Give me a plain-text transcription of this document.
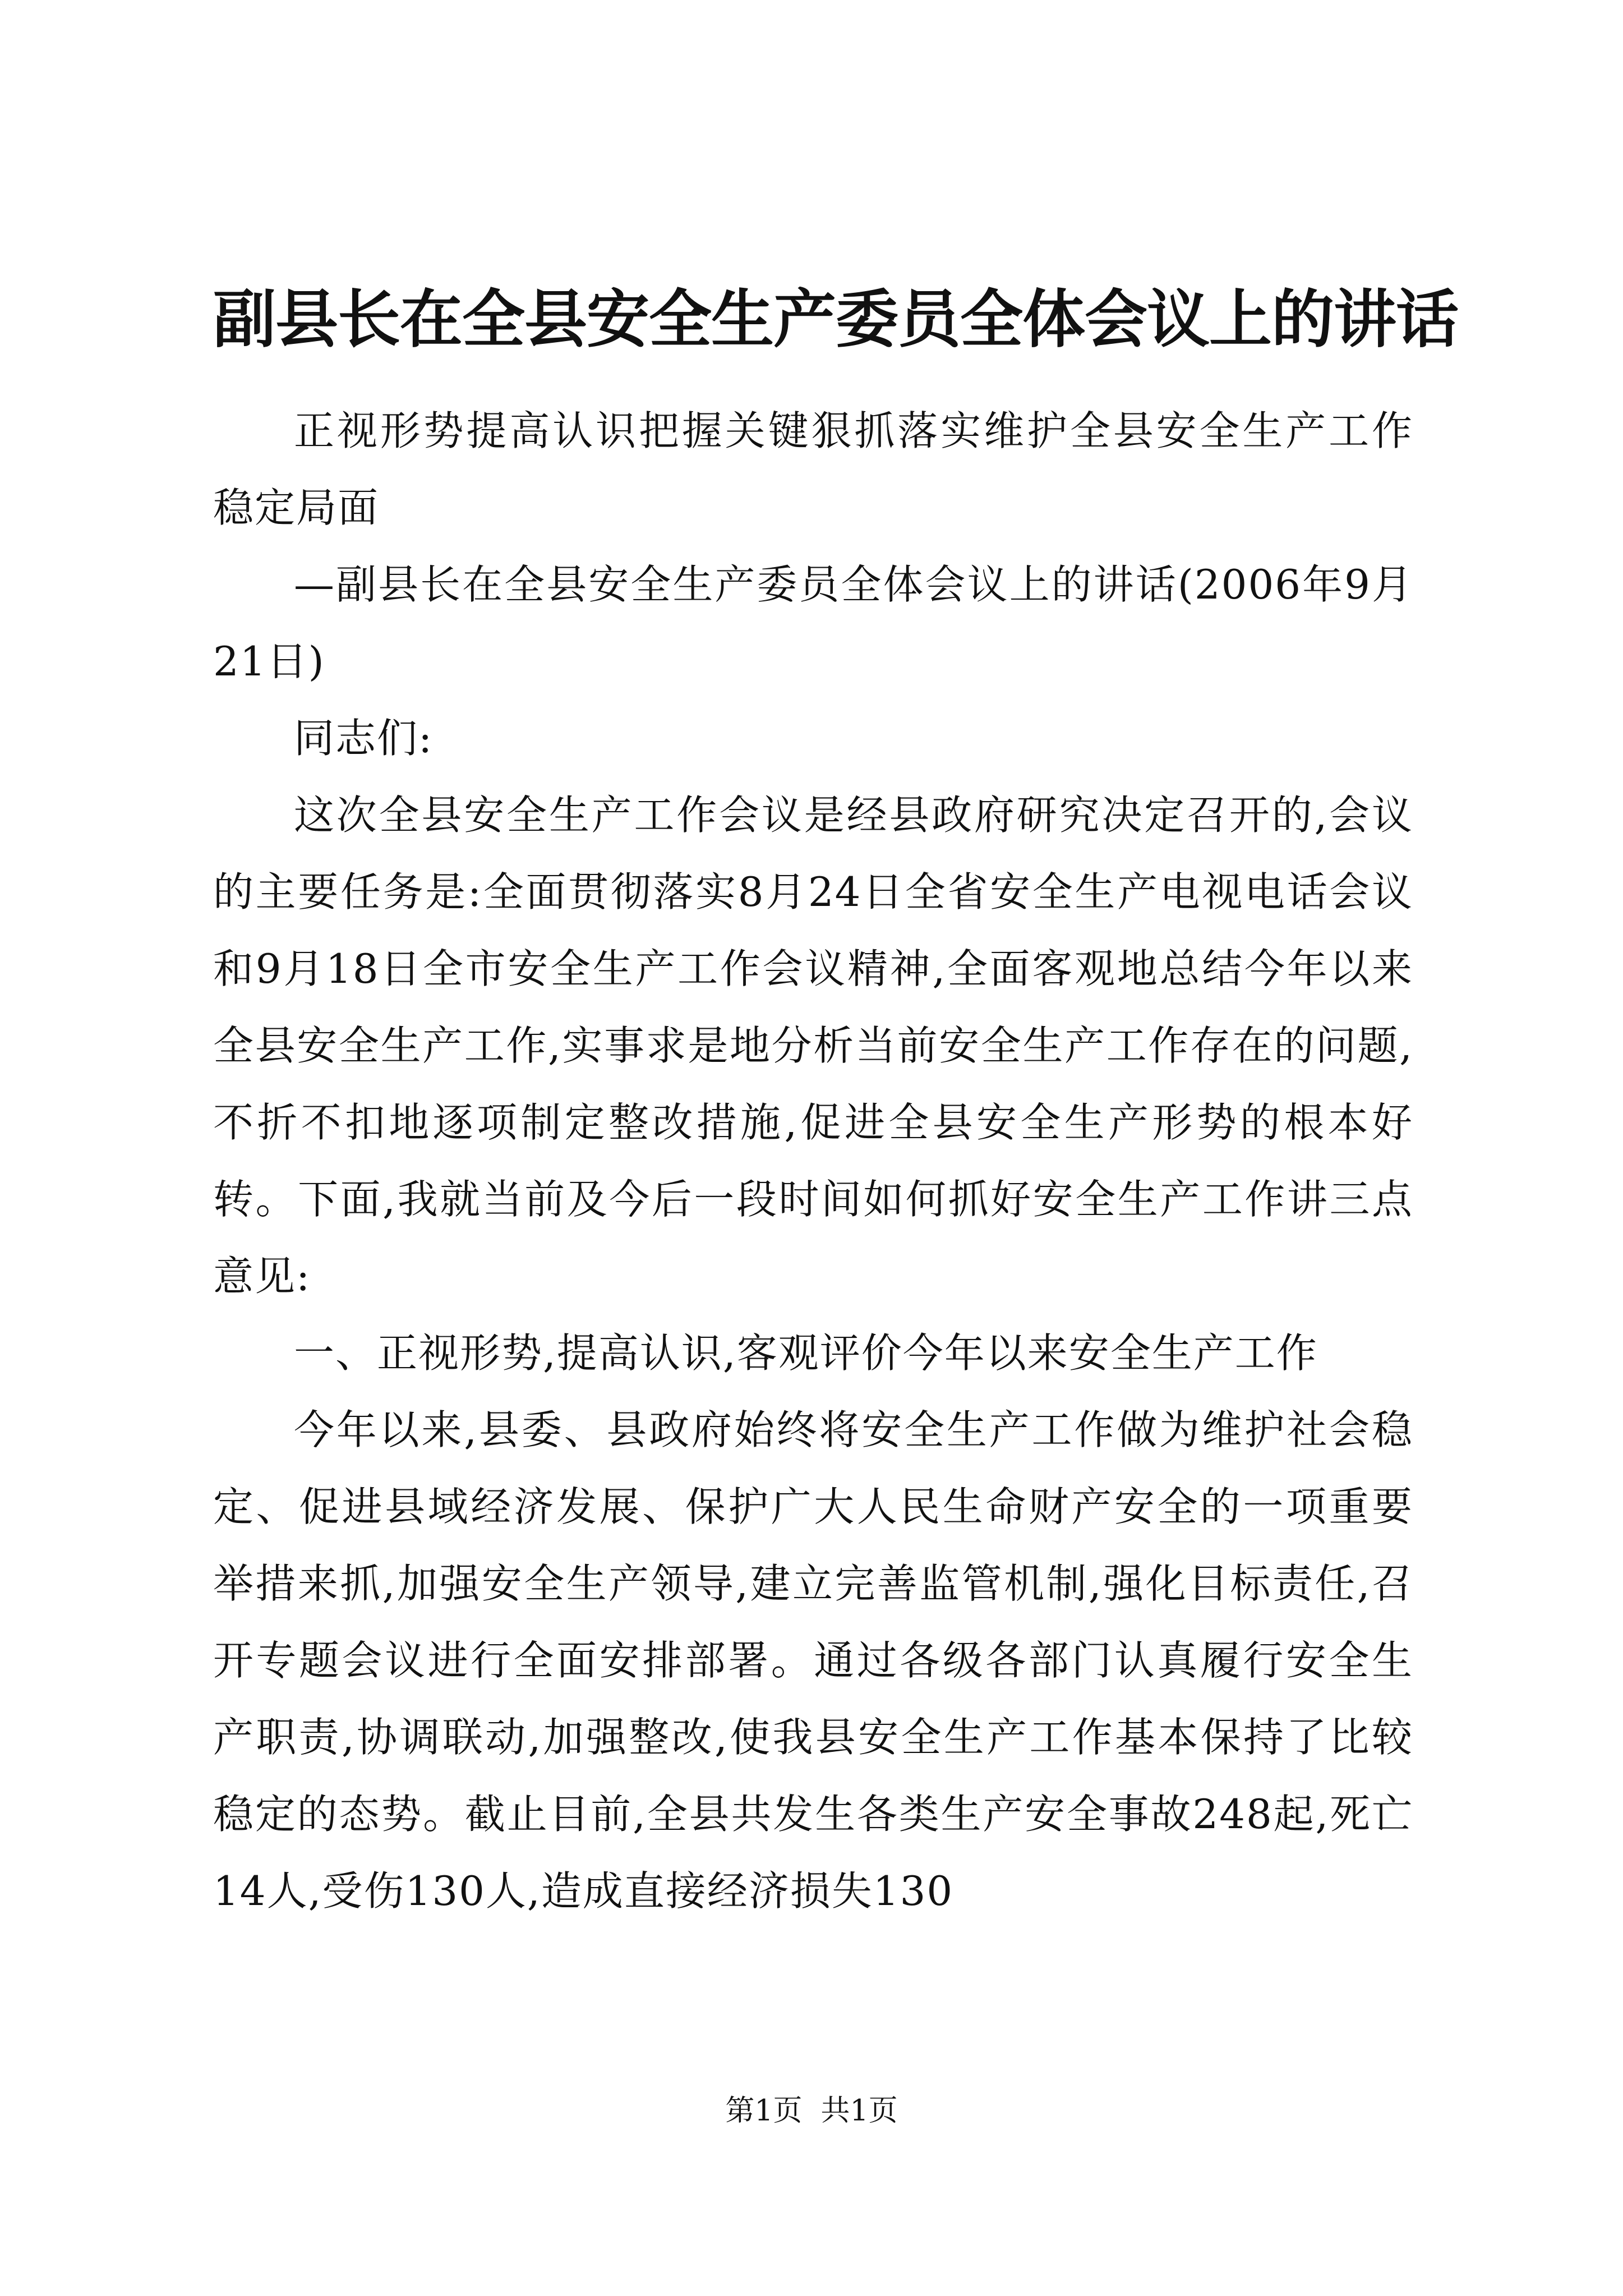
副县长在全县安全生产委员全体会议上的讲话

正视形势提高认识把握关键狠抓落实维护全县安全生产工作稳定局面

—副县长在全县安全生产委员全体会议上的讲话(2006年9月21日)

同志们:

这次全县安全生产工作会议是经县政府研究决定召开的,会议的主要任务是:全面贯彻落实8月24日全省安全生产电视电话会议和9月18日全市安全生产工作会议精神,全面客观地总结今年以来全县安全生产工作,实事求是地分析当前安全生产工作存在的问题,不折不扣地逐项制定整改措施,促进全县安全生产形势的根本好转。下面,我就当前及今后一段时间如何抓好安全生产工作讲三点意见:

一、正视形势,提高认识,客观评价今年以来安全生产工作

今年以来,县委、县政府始终将安全生产工作做为维护社会稳定、促进县域经济发展、保护广大人民生命财产安全的一项重要举措来抓,加强安全生产领导,建立完善监管机制,强化目标责任,召开专题会议进行全面安排部署。通过各级各部门认真履行安全生产职责,协调联动,加强整改,使我县安全生产工作基本保持了比较稳定的态势。截止目前,全县共发生各类生产安全事故248起,死亡14人,受伤130人,造成直接经济损失130

第1页  共1页
